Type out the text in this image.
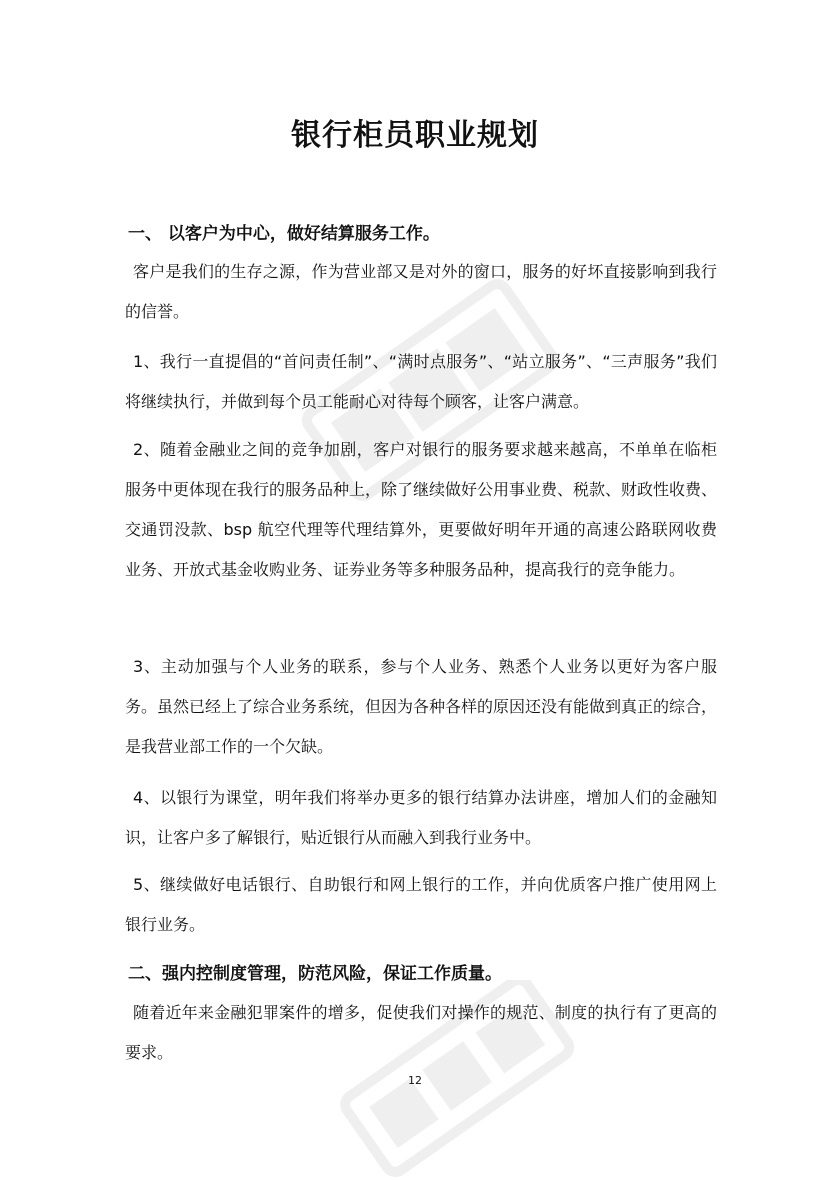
银行柜员职业规划

一、 以客户为中心，做好结算服务工作。

客户是我们的生存之源，作为营业部又是对外的窗口，服务的好坏直接影响到我行的信誉。

1、我行一直提倡的“首问责任制”、“满时点服务”、“站立服务”、“三声服务”我们将继续执行，并做到每个员工能耐心对待每个顾客，让客户满意。

2、随着金融业之间的竞争加剧，客户对银行的服务要求越来越高，不单单在临柜服务中更体现在我行的服务品种上，除了继续做好公用事业费、税款、财政性收费、交通罚没款、bsp 航空代理等代理结算外，更要做好明年开通的高速公路联网收费业务、开放式基金收购业务、证券业务等多种服务品种，提高我行的竞争能力。

3、主动加强与个人业务的联系，参与个人业务、熟悉个人业务以更好为客户服务。虽然已经上了综合业务系统，但因为各种各样的原因还没有能做到真正的综合，是我营业部工作的一个欠缺。

4、以银行为课堂，明年我们将举办更多的银行结算办法讲座，增加人们的金融知识，让客户多了解银行，贴近银行从而融入到我行业务中。

5、继续做好电话银行、自助银行和网上银行的工作，并向优质客户推广使用网上银行业务。

二、强内控制度管理，防范风险，保证工作质量。

随着近年来金融犯罪案件的增多，促使我们对操作的规范、制度的执行有了更高的要求。

12
